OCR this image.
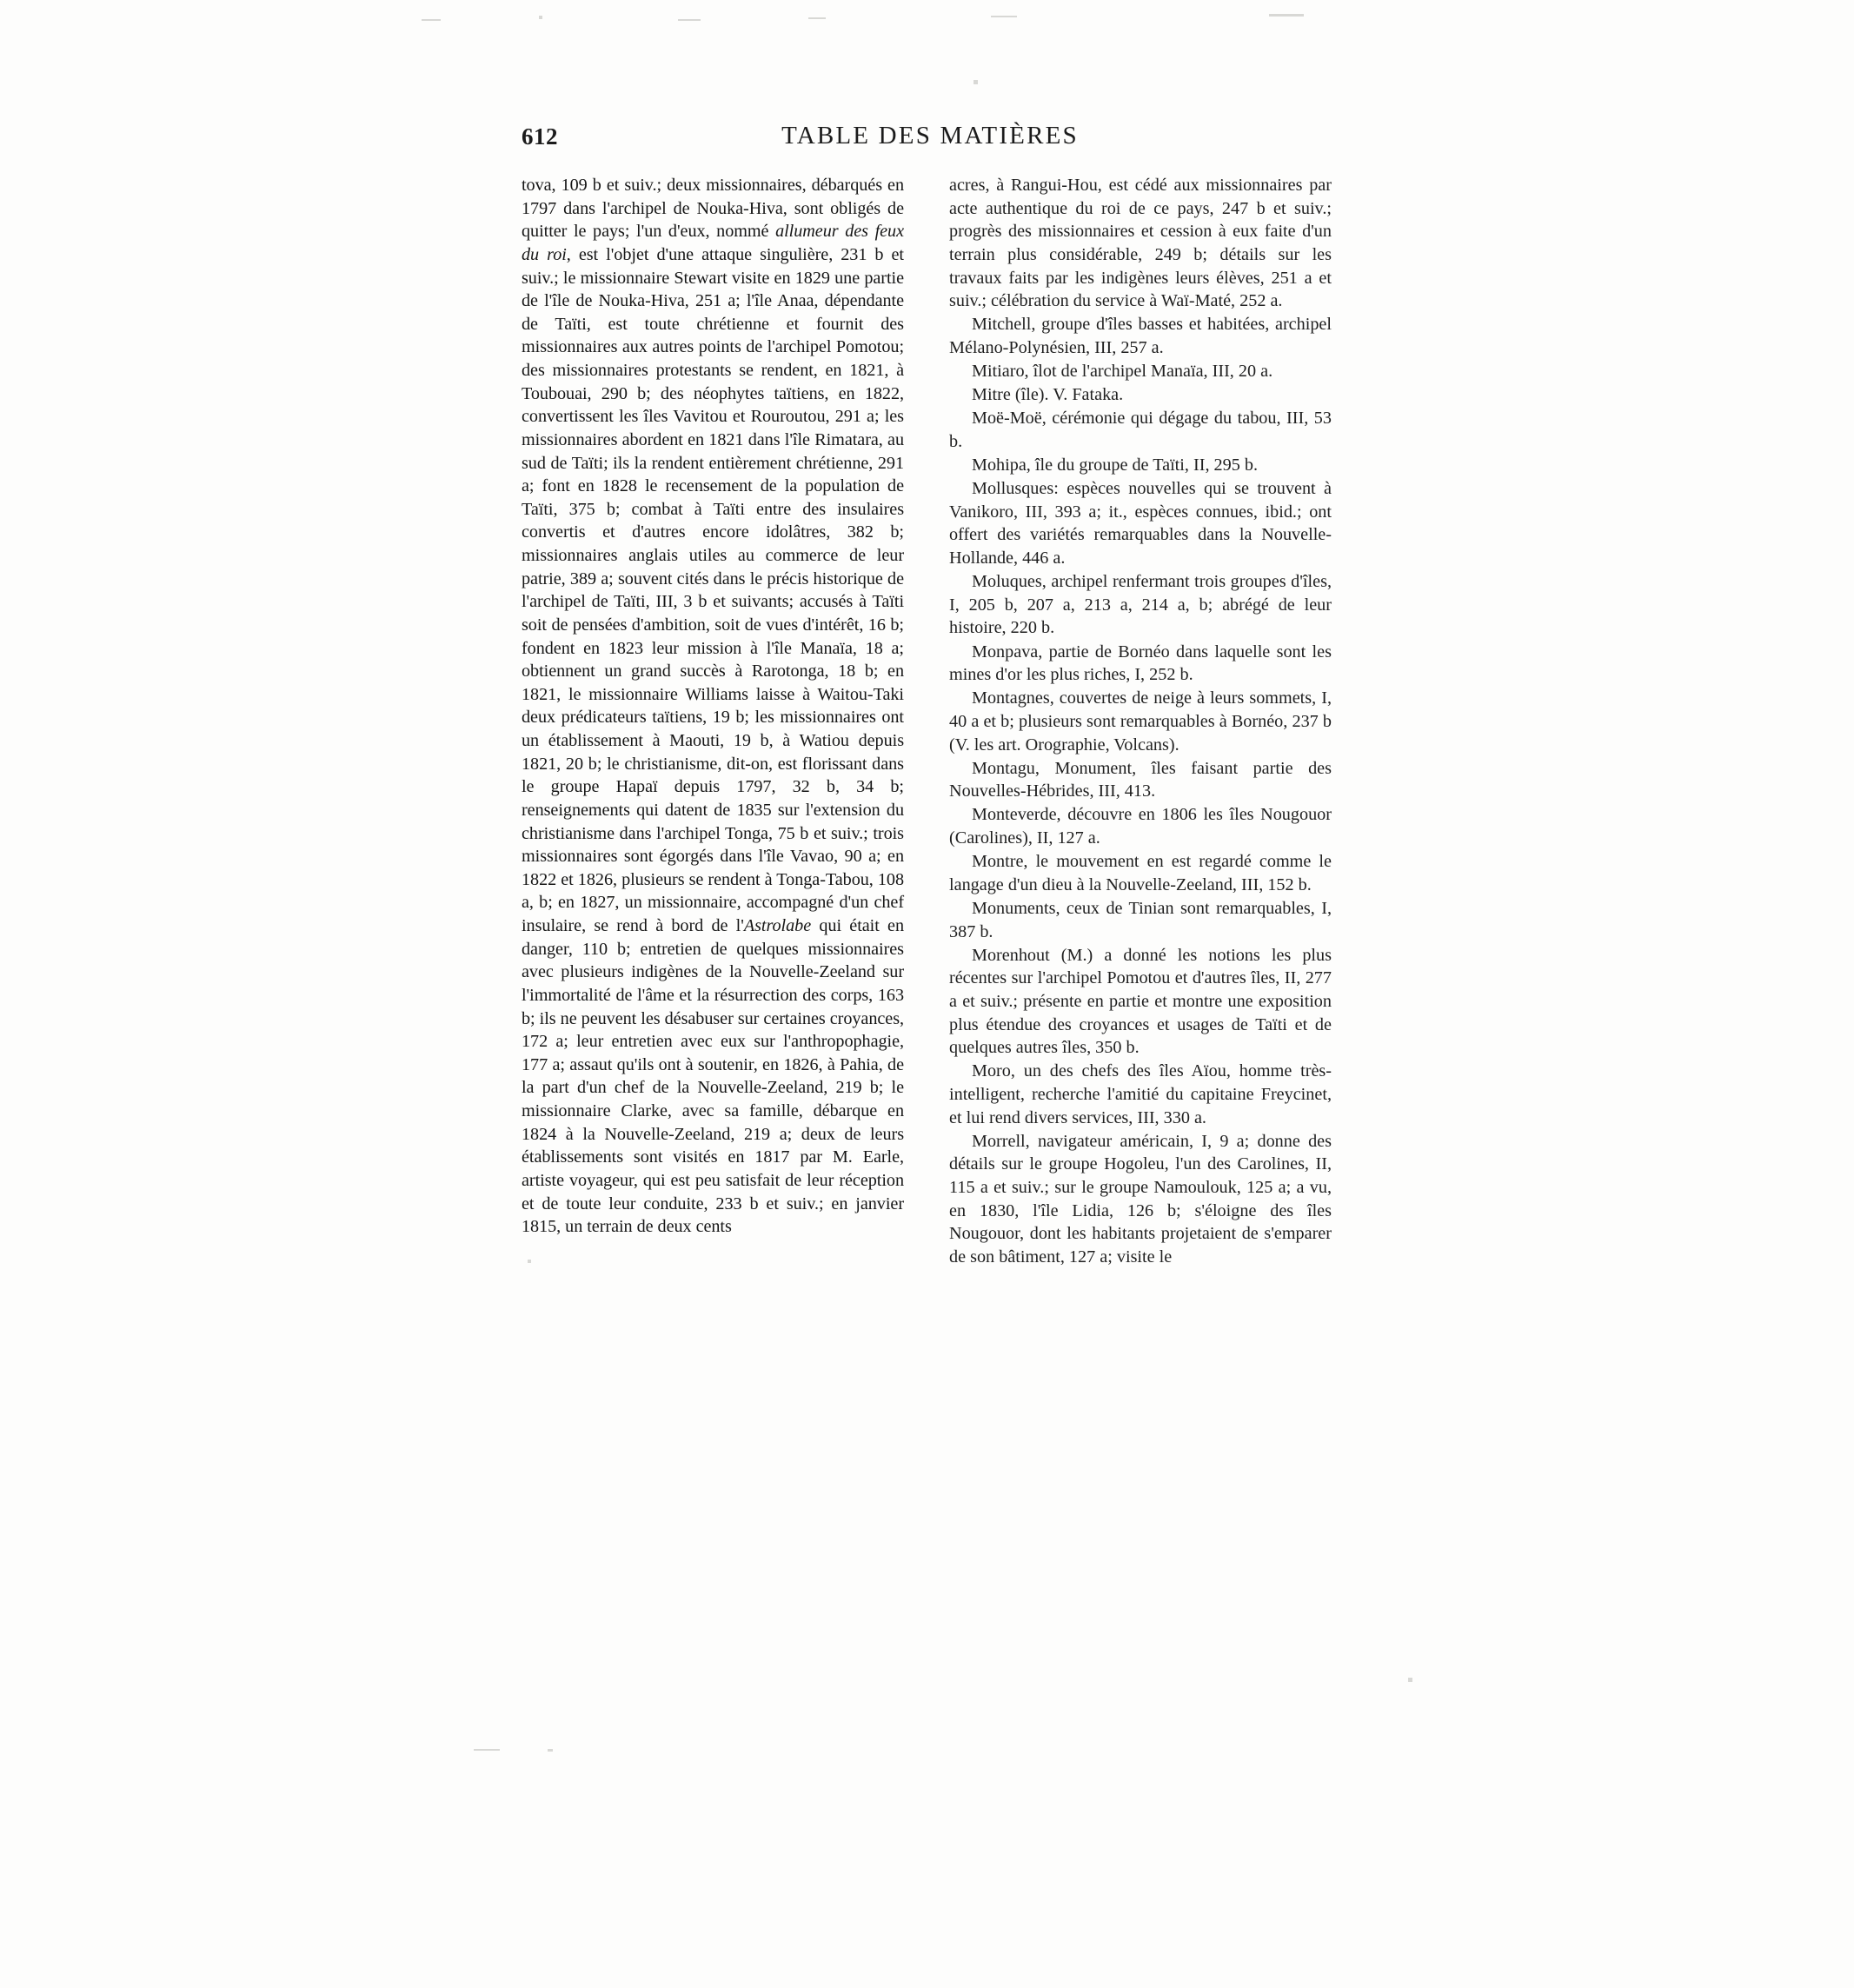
612	TABLE DES MATIÈRES

tova, 109 b et suiv.; deux missionnaires, débarqués en 1797 dans l'archipel de Nouka-Hiva, sont obligés de quitter le pays; l'un d'eux, nommé allumeur des feux du roi, est l'objet d'une attaque singulière, 231 b et suiv.; le missionnaire Stewart visite en 1829 une partie de l'île de Nouka-Hiva, 251 a; l'île Anaa, dépendante de Taïti, est toute chrétienne et fournit des missionnaires aux autres points de l'archipel Pomotou; des missionnaires protestants se rendent, en 1821, à Toubouai, 290 b; des néophytes taïtiens, en 1822, convertissent les îles Vavitou et Rouroutou, 291 a; les missionnaires abordent en 1821 dans l'île Rimatara, au sud de Taïti; ils la rendent entièrement chrétienne, 291 a; font en 1828 le recensement de la population de Taïti, 375 b; combat à Taïti entre des insulaires convertis et d'autres encore idolâtres, 382 b; missionnaires anglais utiles au commerce de leur patrie, 389 a; souvent cités dans le précis historique de l'archipel de Taïti, III, 3 b et suivants; accusés à Taïti soit de pensées d'ambition, soit de vues d'intérêt, 16 b; fondent en 1823 leur mission à l'île Manaïa, 18 a; obtiennent un grand succès à Rarotonga, 18 b; en 1821, le missionnaire Williams laisse à Waitou-Taki deux prédicateurs taïtiens, 19 b; les missionnaires ont un établissement à Maouti, 19 b, à Watiou depuis 1821, 20 b; le christianisme, dit-on, est florissant dans le groupe Hapaï depuis 1797, 32 b, 34 b; renseignements qui datent de 1835 sur l'extension du christianisme dans l'archipel Tonga, 75 b et suiv.; trois missionnaires sont égorgés dans l'île Vavao, 90 a; en 1822 et 1826, plusieurs se rendent à Tonga-Tabou, 108 a, b; en 1827, un missionnaire, accompagné d'un chef insulaire, se rend à bord de l'Astrolabe qui était en danger, 110 b; entretien de quelques missionnaires avec plusieurs indigènes de la Nouvelle-Zeeland sur l'immortalité de l'âme et la résurrection des corps, 163 b; ils ne peuvent les désabuser sur certaines croyances, 172 a; leur entretien avec eux sur l'anthropophagie, 177 a; assaut qu'ils ont à soutenir, en 1826, à Pahia, de la part d'un chef de la Nouvelle-Zeeland, 219 b; le missionnaire Clarke, avec sa famille, débarque en 1824 à la Nouvelle-Zeeland, 219 a; deux de leurs établissements sont visités en 1817 par M. Earle, artiste voyageur, qui est peu satisfait de leur réception et de toute leur conduite, 233 b et suiv.; en janvier 1815, un terrain de deux cents

acres, à Rangui-Hou, est cédé aux missionnaires par acte authentique du roi de ce pays, 247 b et suiv.; progrès des missionnaires et cession à eux faite d'un terrain plus considérable, 249 b; détails sur les travaux faits par les indigènes leurs élèves, 251 a et suiv.; célébration du service à Waï-Maté, 252 a.

Mitchell, groupe d'îles basses et habitées, archipel Mélano-Polynésien, III, 257 a.

Mitiaro, îlot de l'archipel Manaïa, III, 20 a.

Mitre (île). V. Fataka.

Moë-Moë, cérémonie qui dégage du tabou, III, 53 b.

Mohipa, île du groupe de Taïti, II, 295 b.

Mollusques: espèces nouvelles qui se trouvent à Vanikoro, III, 393 a; it., espèces connues, ibid.; ont offert des variétés remarquables dans la Nouvelle-Hollande, 446 a.

Moluques, archipel renfermant trois groupes d'îles, I, 205 b, 207 a, 213 a, 214 a, b; abrégé de leur histoire, 220 b.

Monpava, partie de Bornéo dans laquelle sont les mines d'or les plus riches, I, 252 b.

Montagnes, couvertes de neige à leurs sommets, I, 40 a et b; plusieurs sont remarquables à Bornéo, 237 b (V. les art. Orographie, Volcans).

Montagu, Monument, îles faisant partie des Nouvelles-Hébrides, III, 413.

Monteverde, découvre en 1806 les îles Nougouor (Carolines), II, 127 a.

Montre, le mouvement en est regardé comme le langage d'un dieu à la Nouvelle-Zeeland, III, 152 b.

Monuments, ceux de Tinian sont remarquables, I, 387 b.

Morenhout (M.) a donné les notions les plus récentes sur l'archipel Pomotou et d'autres îles, II, 277 a et suiv.; présente en partie et montre une exposition plus étendue des croyances et usages de Taïti et de quelques autres îles, 350 b.

Moro, un des chefs des îles Aïou, homme très-intelligent, recherche l'amitié du capitaine Freycinet, et lui rend divers services, III, 330 a.

Morrell, navigateur américain, I, 9 a; donne des détails sur le groupe Hogoleu, l'un des Carolines, II, 115 a et suiv.; sur le groupe Namoulouk, 125 a; a vu, en 1830, l'île Lidia, 126 b; s'éloigne des îles Nougouor, dont les habitants projetaient de s'emparer de son bâtiment, 127 a; visite le
